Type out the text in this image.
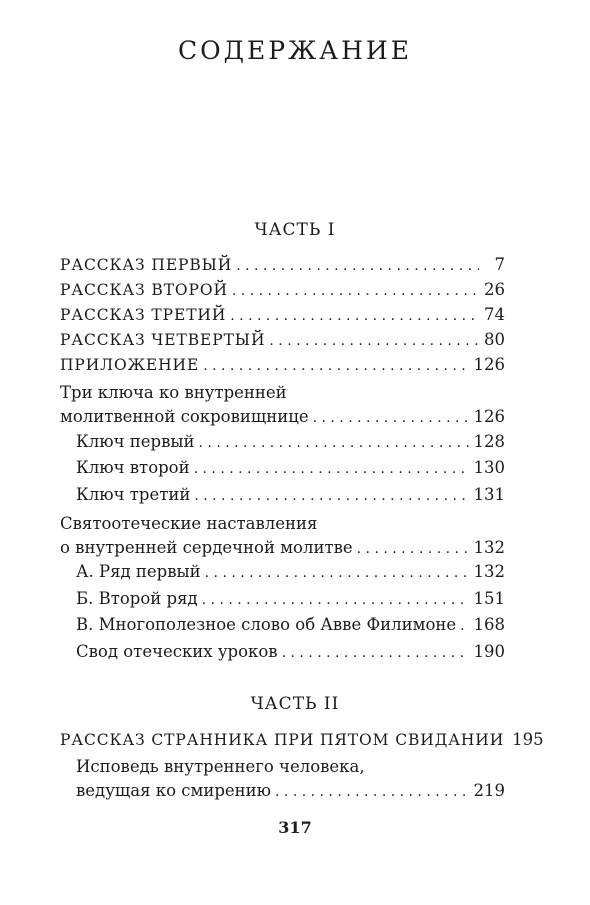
СОДЕРЖАНИЕ
ЧАСТЬ I
РАССКАЗ ПЕРВЫЙ . . .	7
РАССКАЗ ВТОРОЙ . . .	26
РАССКАЗ ТРЕТИЙ . . .	74
РАССКАЗ ЧЕТВЕРТЫЙ . . .	80
ПРИЛОЖЕНИЕ . . .	126
Три ключа ко внутренней
молитвенной сокровищнице . . .	126
Ключ первый . . .	128
Ключ второй . . .	130
Ключ третий . . .	131
Святоотеческие наставления
о внутренней сердечной молитве . . .	132
А. Ряд первый . . .	132
Б. Второй ряд . . .	151
В. Многополезное слово об Авве Филимоне . . . 168
Свод отеческих уроков . . .	190
ЧАСТЬ II
РАССКАЗ СТРАННИКА ПРИ ПЯТОМ СВИДАНИИ 195
Исповедь внутреннего человека,
ведущая ко смирению . . .	219
317
